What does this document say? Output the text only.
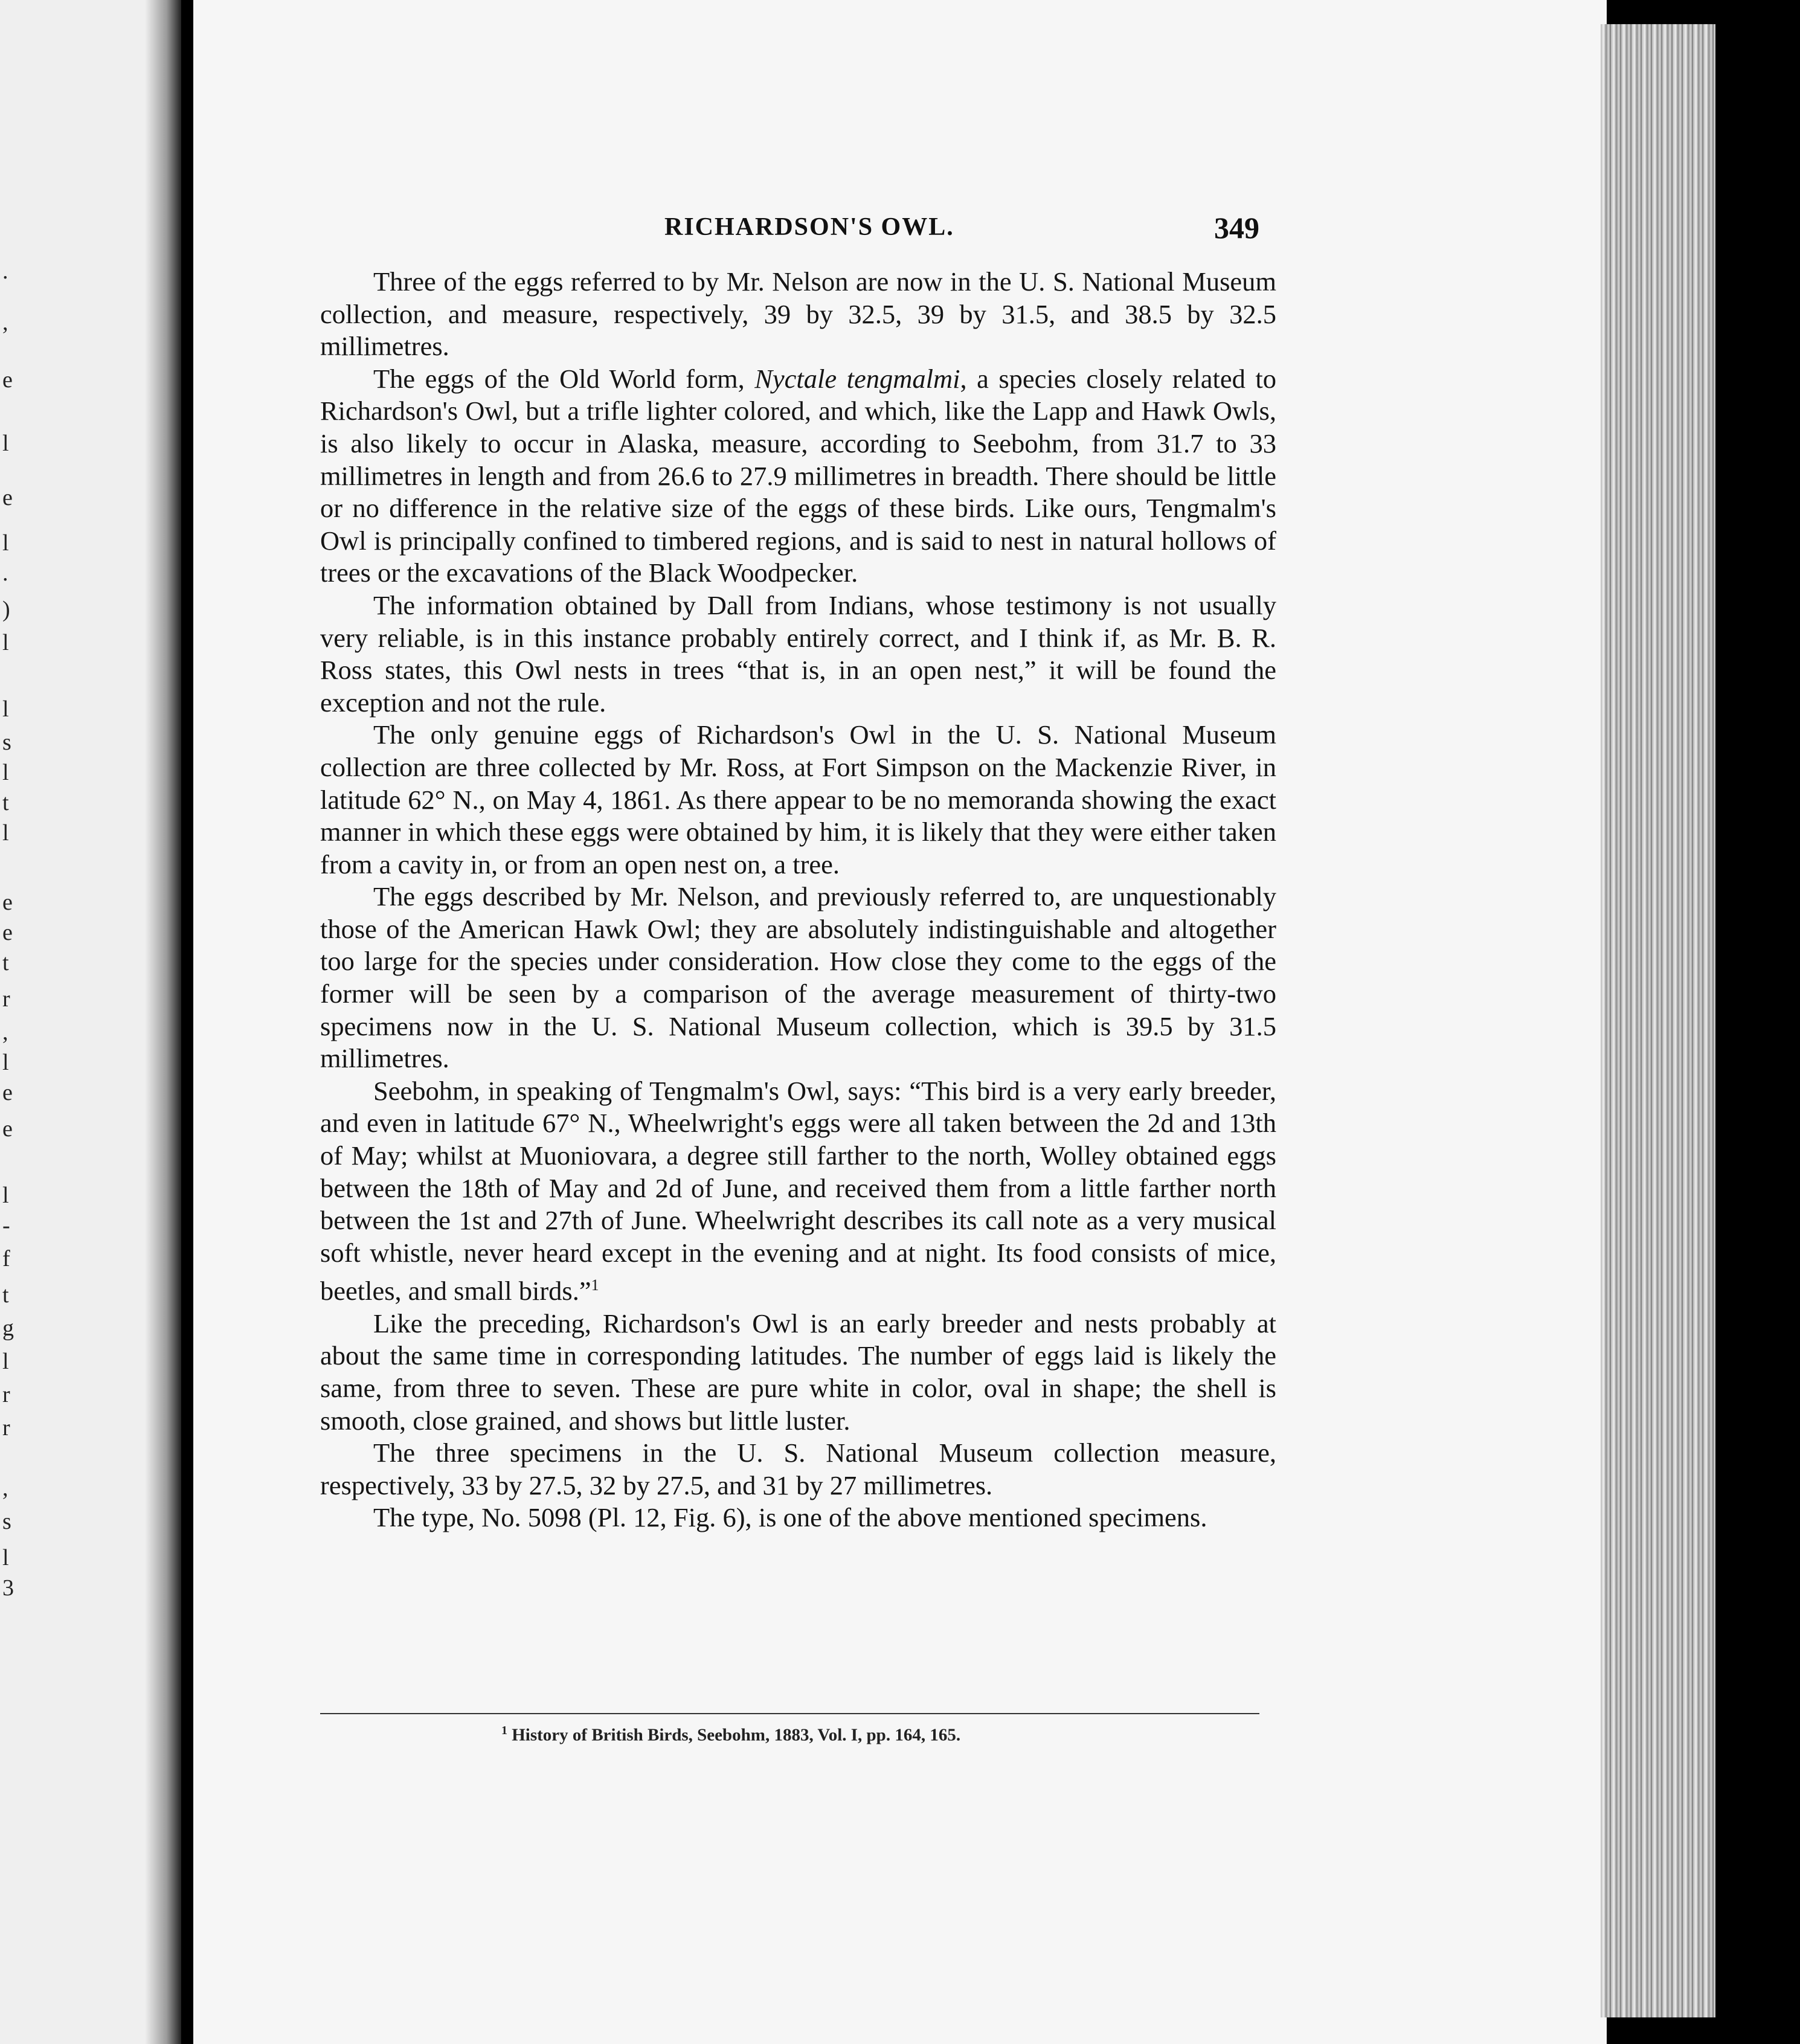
.
,
e
l
e
l
.
)
l
l
s
l
t
l
e
e
t
r
,
l
e
e
l
-
f
t
g
l
r
r
,
s
l
3
RICHARDSON'S OWL.	349

Three of the eggs referred to by Mr. Nelson are now in the U. S. National Museum collection, and measure, respectively, 39 by 32.5, 39 by 31.5, and 38.5 by 32.5 millimetres.

The eggs of the Old World form, Nyctale tengmalmi, a species closely related to Richardson's Owl, but a trifle lighter colored, and which, like the Lapp and Hawk Owls, is also likely to occur in Alaska, measure, according to Seebohm, from 31.7 to 33 millimetres in length and from 26.6 to 27.9 millimetres in breadth. There should be little or no difference in the relative size of the eggs of these birds. Like ours, Tengmalm's Owl is principally confined to timbered regions, and is said to nest in natural hollows of trees or the excavations of the Black Woodpecker.

The information obtained by Dall from Indians, whose testimony is not usually very reliable, is in this instance probably entirely correct, and I think if, as Mr. B. R. Ross states, this Owl nests in trees “that is, in an open nest,” it will be found the exception and not the rule.

The only genuine eggs of Richardson's Owl in the U. S. National Museum collection are three collected by Mr. Ross, at Fort Simpson on the Mackenzie River, in latitude 62° N., on May 4, 1861. As there appear to be no memoranda showing the exact manner in which these eggs were obtained by him, it is likely that they were either taken from a cavity in, or from an open nest on, a tree.

The eggs described by Mr. Nelson, and previously referred to, are unquestionably those of the American Hawk Owl; they are absolutely indistinguishable and altogether too large for the species under consideration. How close they come to the eggs of the former will be seen by a comparison of the average measurement of thirty-two specimens now in the U. S. National Museum collection, which is 39.5 by 31.5 millimetres.

Seebohm, in speaking of Tengmalm's Owl, says: “This bird is a very early breeder, and even in latitude 67° N., Wheelwright's eggs were all taken between the 2d and 13th of May; whilst at Muoniovara, a degree still farther to the north, Wolley obtained eggs between the 18th of May and 2d of June, and received them from a little farther north between the 1st and 27th of June. Wheelwright describes its call note as a very musical soft whistle, never heard except in the evening and at night. Its food consists of mice, beetles, and small birds.”$^1$

Like the preceding, Richardson's Owl is an early breeder and nests probably at about the same time in corresponding latitudes. The number of eggs laid is likely the same, from three to seven. These are pure white in color, oval in shape; the shell is smooth, close grained, and shows but little luster.

The three specimens in the U. S. National Museum collection measure, respectively, 33 by 27.5, 32 by 27.5, and 31 by 27 millimetres.

The type, No. 5098 (Pl. 12, Fig. 6), is one of the above mentioned specimens.

$^1$ History of British Birds, Seebohm, 1883, Vol. I, pp. 164, 165.
